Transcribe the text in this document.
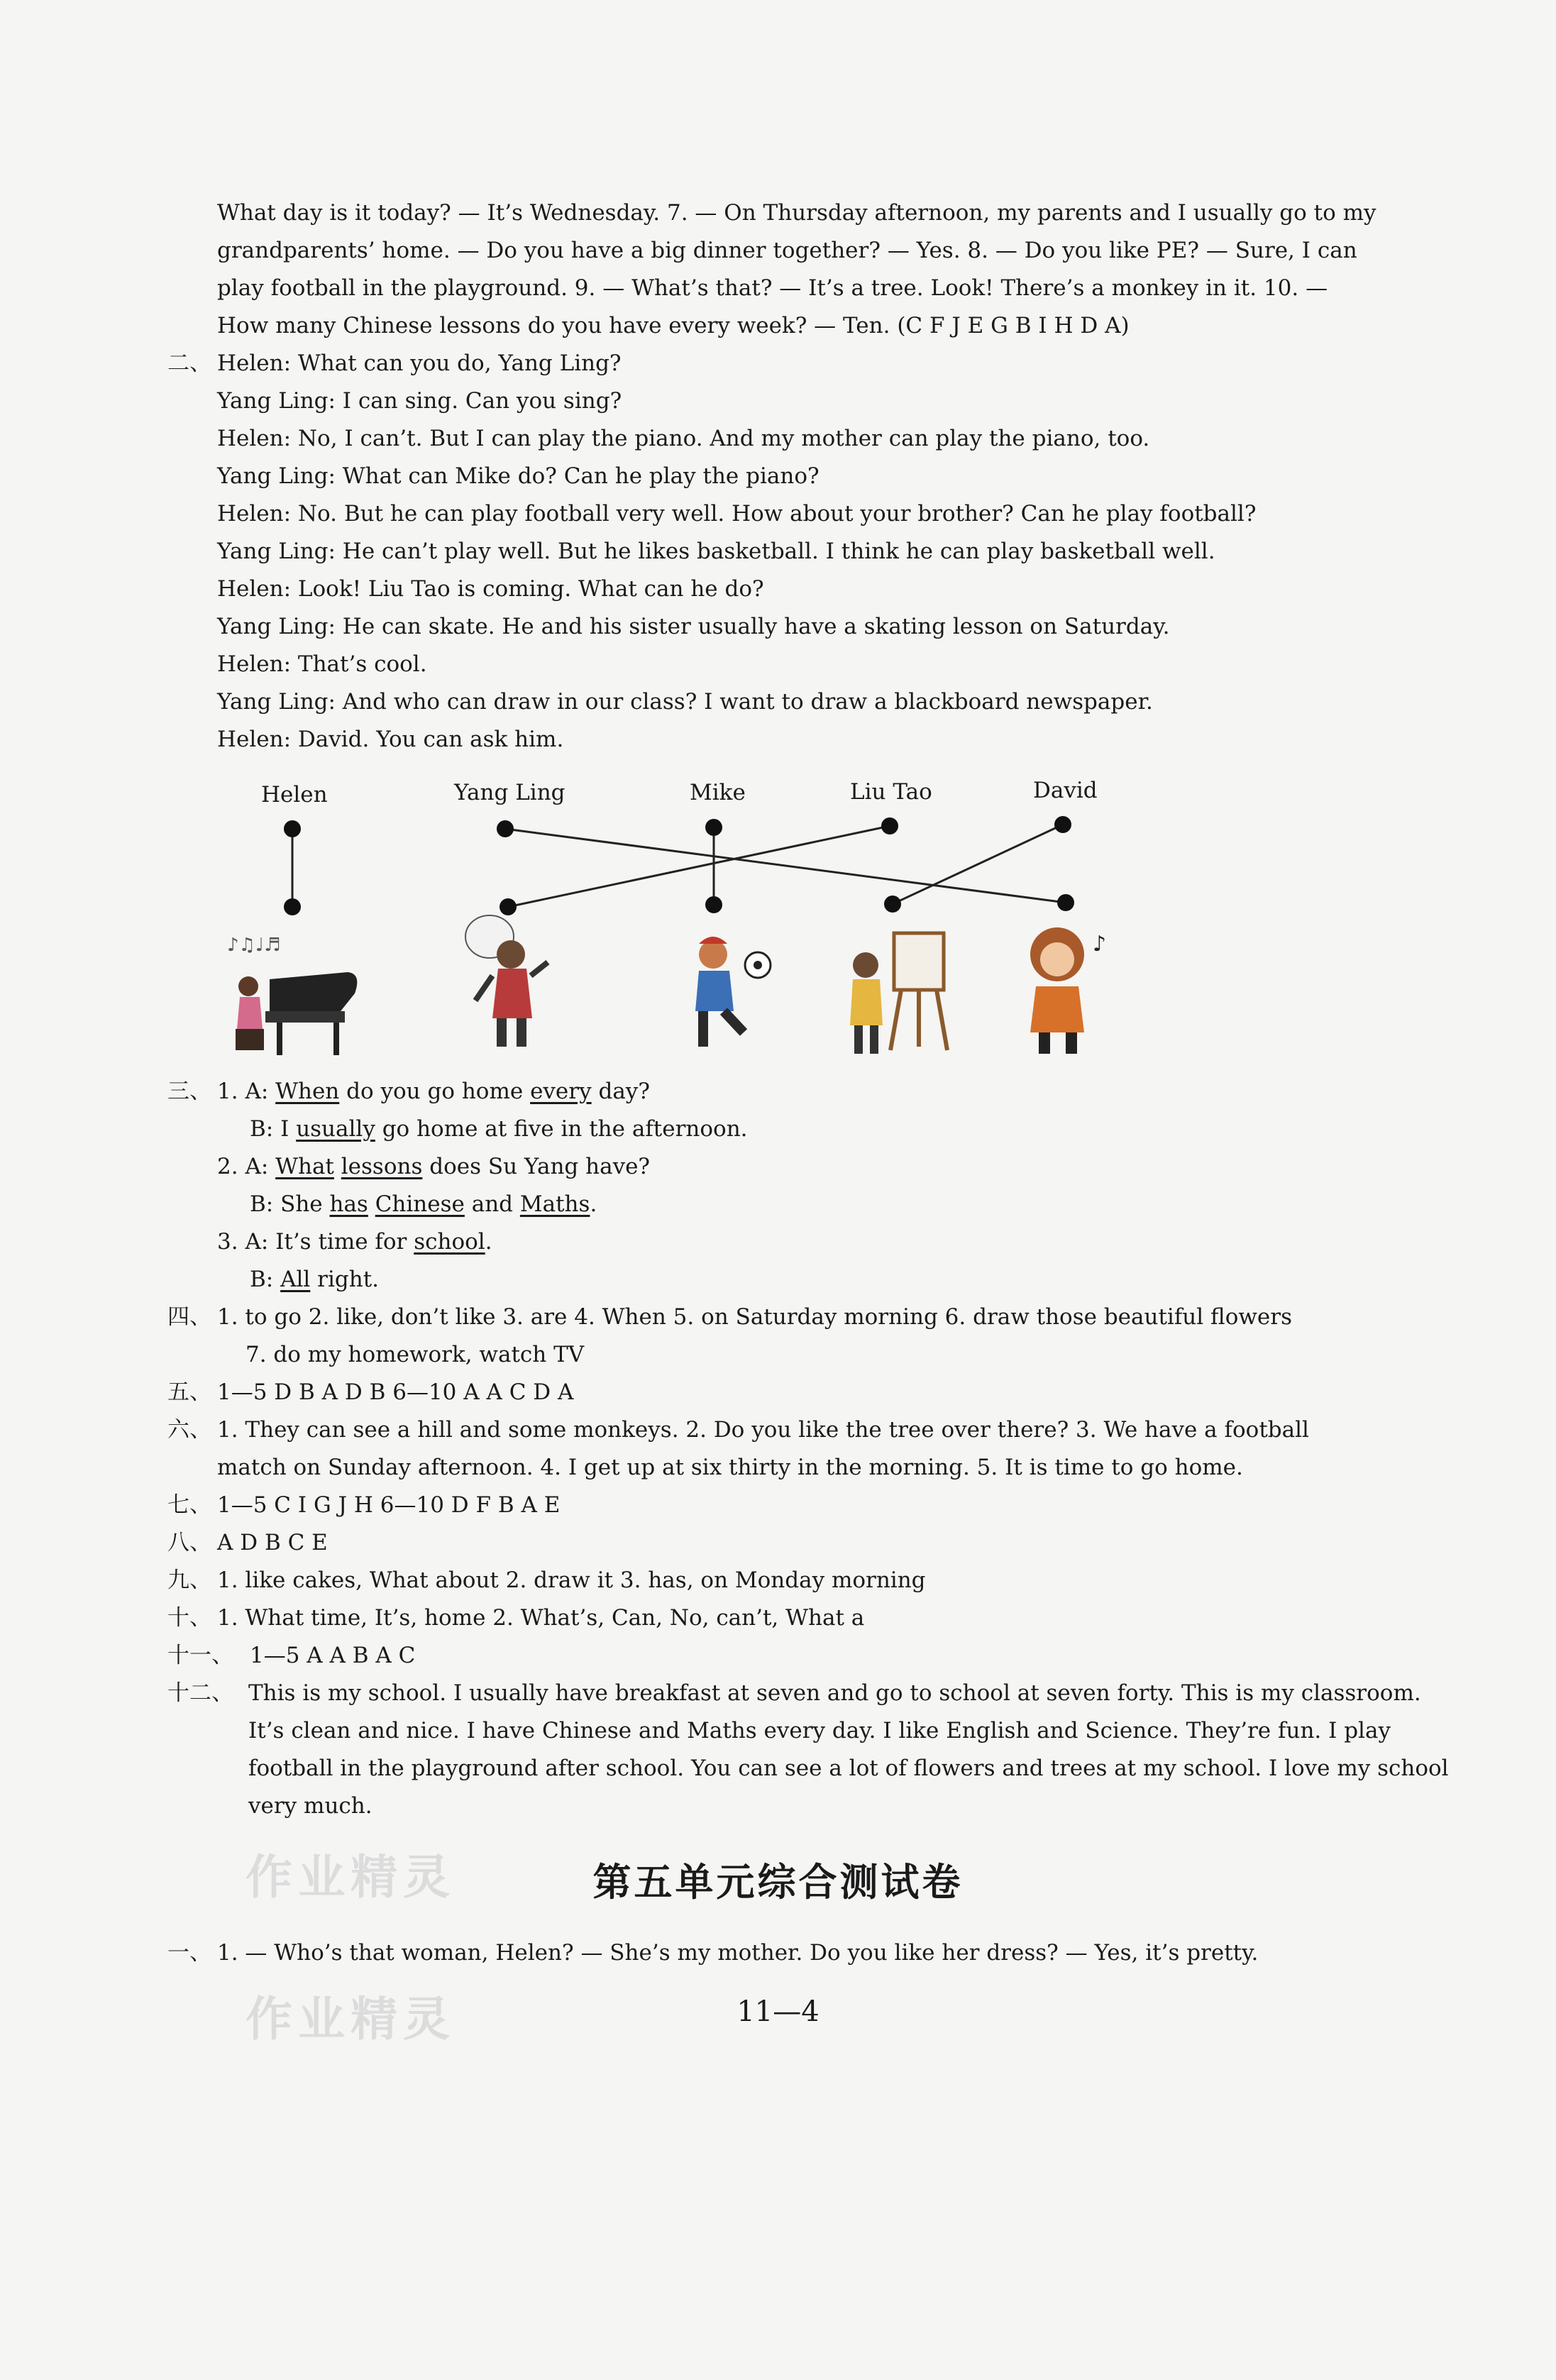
What day is it today? — It’s Wednesday. 7. — On Thursday afternoon, my parents and I usually go to my
grandparents’ home. — Do you have a big dinner together? — Yes. 8. — Do you like PE? — Sure, I can
play football in the playground. 9. — What’s that? — It’s a tree. Look! There’s a monkey in it. 10. —
How many Chinese lessons do you have every week? — Ten. (C F J E G B I H D A)
二、 Helen: What can you do, Yang Ling?
Yang Ling: I can sing. Can you sing?
Helen: No, I can’t. But I can play the piano. And my mother can play the piano, too.
Yang Ling: What can Mike do? Can he play the piano?
Helen: No. But he can play football very well. How about your brother? Can he play football?
Yang Ling: He can’t play well. But he likes basketball. I think he can play basketball well.
Helen: Look! Liu Tao is coming. What can he do?
Yang Ling: He can skate. He and his sister usually have a skating lesson on Saturday.
Helen: That’s cool.
Yang Ling: And who can draw in our class? I want to draw a blackboard newspaper.
Helen: David. You can ask him.
Helen	Yang Ling	Mike	Liu Tao	David
♪♫♩♬	♪
三、 1. A: When do you go home every day?
B: I usually go home at five in the afternoon.
2. A: What lessons does Su Yang have?
B: She has Chinese and Maths.
3. A: It’s time for school.
B: All right.
四、 1. to go 2. like, don’t like 3. are 4. When 5. on Saturday morning 6. draw those beautiful flowers
7. do my homework, watch TV
五、 1—5 D B A D B 6—10 A A C D A
六、 1. They can see a hill and some monkeys. 2. Do you like the tree over there? 3. We have a football
match on Sunday afternoon. 4. I get up at six thirty in the morning. 5. It is time to go home.
七、 1—5 C I G J H 6—10 D F B A E
八、 A D B C E
九、 1. like cakes, What about 2. draw it 3. has, on Monday morning
十、 1. What time, It’s, home 2. What’s, Can, No, can’t, What a
十一、 1—5 A A B A C
十二、 This is my school. I usually have breakfast at seven and go to school at seven forty. This is my classroom.
It’s clean and nice. I have Chinese and Maths every day. I like English and Science. They’re fun. I play
football in the playground after school. You can see a lot of flowers and trees at my school. I love my school
very much.
作业精灵
作业精灵
第五单元综合测试卷
一、 1. — Who’s that woman, Helen? — She’s my mother. Do you like her dress? — Yes, it’s pretty.
11—4
